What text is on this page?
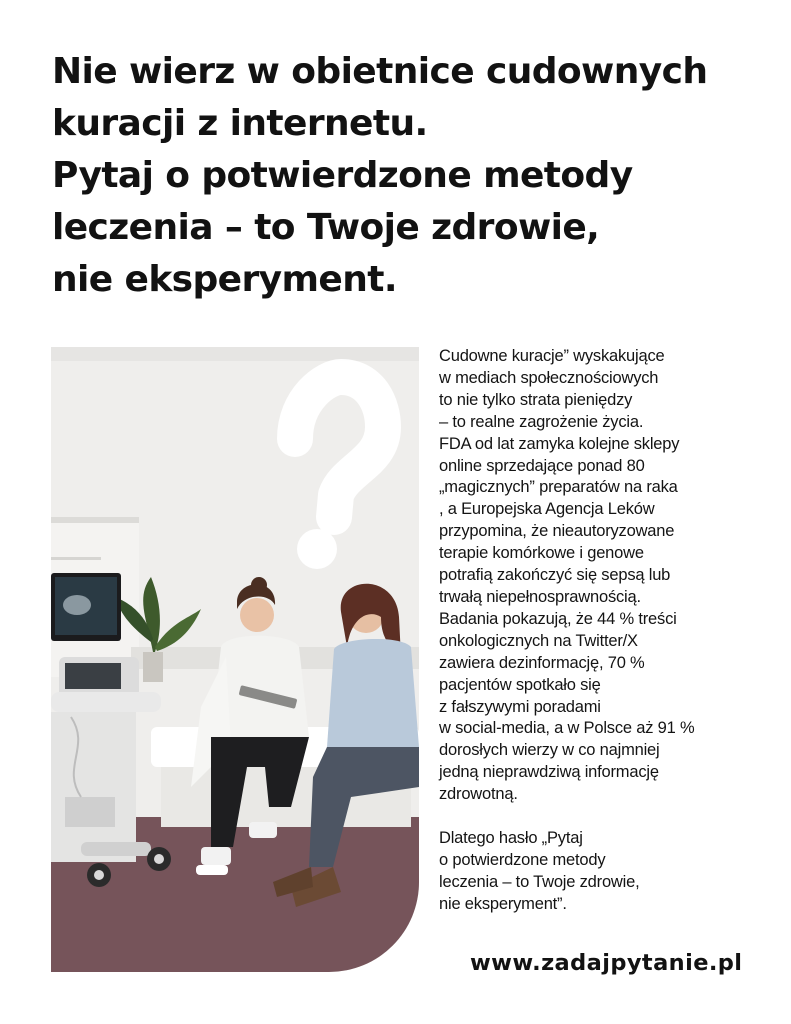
Nie wierz w obietnice cudownych
kuracji z internetu.
Pytaj o potwierdzone metody
leczenia – to Twoje zdrowie,
nie eksperyment.
Cudowne kuracje” wyskakujące
w mediach społecznościowych
to nie tylko strata pieniędzy
– to realne zagrożenie życia.
FDA od lat zamyka kolejne sklepy
online sprzedające ponad 80
„magicznych” preparatów na raka
, a Europejska Agencja Leków
przypomina, że nieautoryzowane
terapie komórkowe i genowe
potrafią zakończyć się sepsą lub
trwałą niepełnosprawnością.
Badania pokazują, że 44 % treści
onkologicznych na Twitter/X
zawiera dezinformację, 70 %
pacjentów spotkało się
z fałszywymi poradami
w social-media, a w Polsce aż 91 %
dorosłych wierzy w co najmniej
jedną nieprawdziwą informację
zdrowotną.
Dlatego hasło „Pytaj
o potwierdzone metody
leczenia – to Twoje zdrowie,
nie eksperyment”.
www.zadajpytanie.pl
